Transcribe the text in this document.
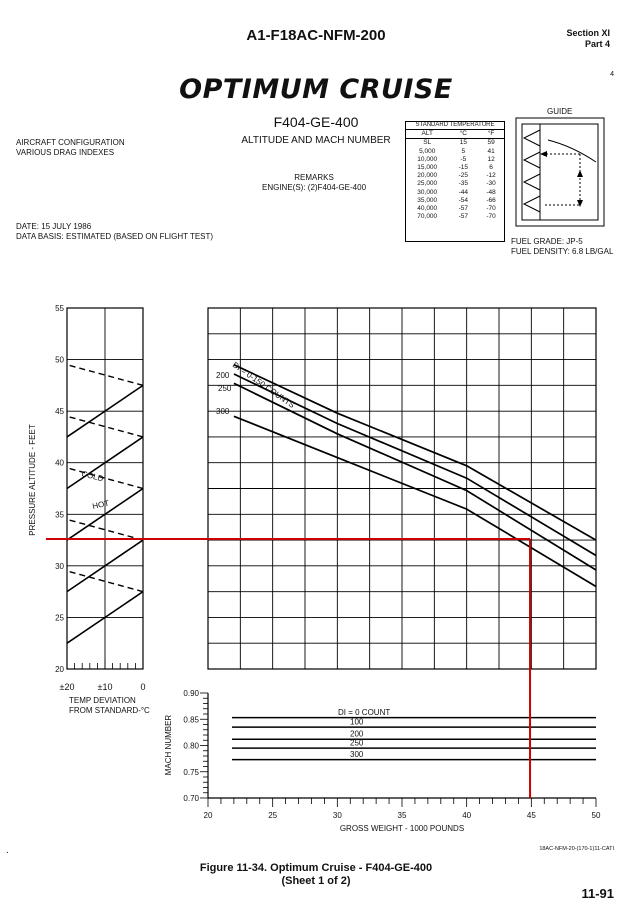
A1-F18AC-NFM-200	Section XI
Part 4
4
OPTIMUM CRUISE
F404-GE-400
ALTITUDE AND MACH NUMBER
AIRCRAFT CONFIGURATION
VARIOUS DRAG INDEXES
REMARKS
ENGINE(S): (2)F404-GE-400
DATE: 15 JULY 1986
DATA BASIS: ESTIMATED (BASED ON FLIGHT TEST)
STANDARD TEMPERATURE		
ALT	°C	°F
SL	15	59
5,000	5	41
10,000	-5	12
15,000	-15	6
20,000	-25	-12
25,000	-35	-30
30,000	-44	-48
35,000	-54	-66
40,000	-57	-70
70,000	-57	-70
GUIDE
FUEL GRADE: JP-5
FUEL DENSITY: 6.8 LB/GAL
.	18AC-NFM-20-(170-1)11-CATI
Figure 11-34. Optimum Cruise - F404-GE-400
(Sheet 1 of 2)
11-91
COLD
HOT
±20	±10	0
TEMP DEVIATION
FROM STANDARD-°C
20
25
30
35
40
45
50
55
PRESSURE ALTITUDE - FEET
DI = 0-150 COUNTS
200
250
300
0.70
0.75
0.80
0.85
0.90
MACH NUMBER
DI = 0 COUNT
100
200
250
300
20	25	30	35	40	45	50
GROSS WEIGHT - 1000 POUNDS
